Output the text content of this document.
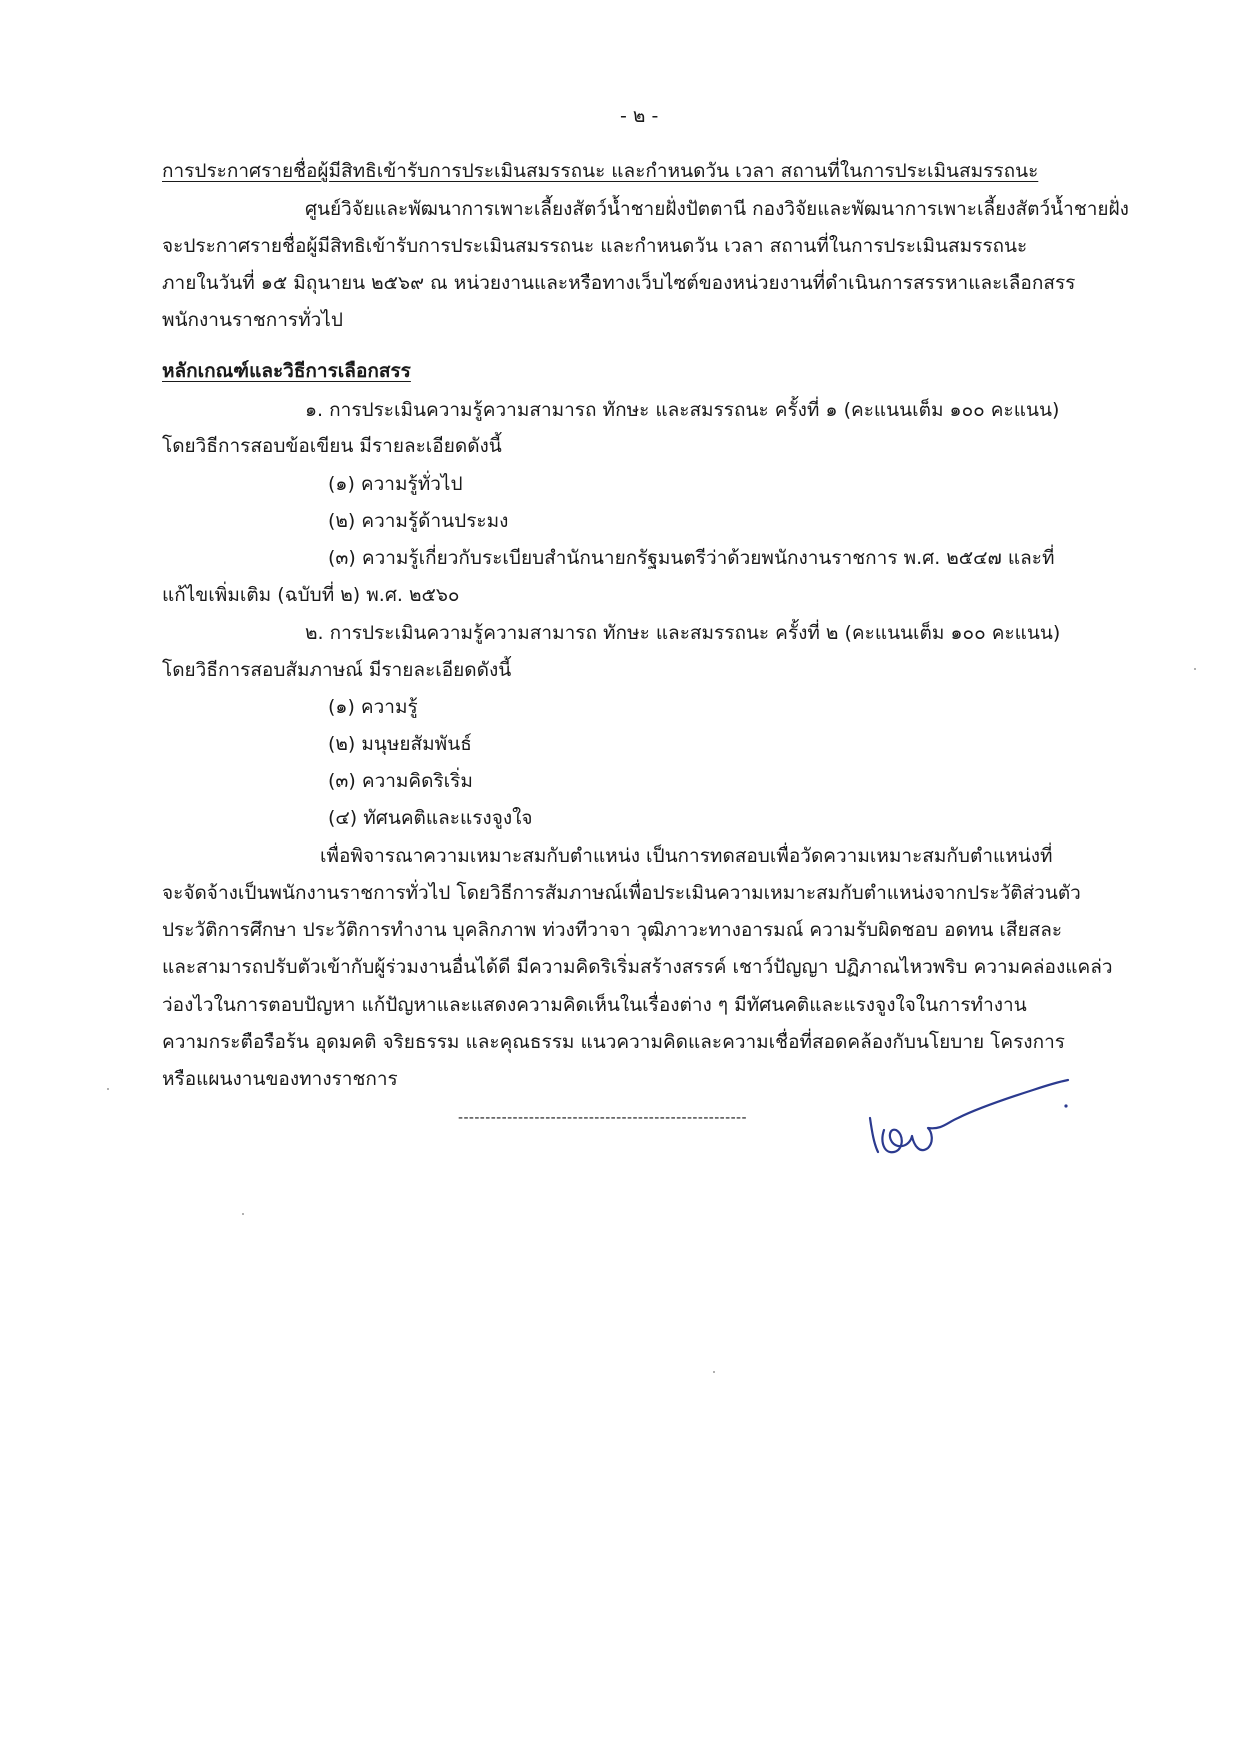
- ๒ -
การประกาศรายชื่อผู้มีสิทธิเข้ารับการประเมินสมรรถนะ และกำหนดวัน เวลา สถานที่ในการประเมินสมรรถนะ
ศูนย์วิจัยและพัฒนาการเพาะเลี้ยงสัตว์น้ำชายฝั่งปัตตานี กองวิจัยและพัฒนาการเพาะเลี้ยงสัตว์น้ำชายฝั่ง
จะประกาศรายชื่อผู้มีสิทธิเข้ารับการประเมินสมรรถนะ และกำหนดวัน เวลา สถานที่ในการประเมินสมรรถนะ
ภายในวันที่ ๑๕ มิถุนายน ๒๕๖๙ ณ หน่วยงานและหรือทางเว็บไซต์ของหน่วยงานที่ดำเนินการสรรหาและเลือกสรร
พนักงานราชการทั่วไป
หลักเกณฑ์และวิธีการเลือกสรร
๑. การประเมินความรู้ความสามารถ ทักษะ และสมรรถนะ ครั้งที่ ๑ (คะแนนเต็ม ๑๐๐ คะแนน)
โดยวิธีการสอบข้อเขียน มีรายละเอียดดังนี้
(๑) ความรู้ทั่วไป
(๒) ความรู้ด้านประมง
(๓) ความรู้เกี่ยวกับระเบียบสำนักนายกรัฐมนตรีว่าด้วยพนักงานราชการ พ.ศ. ๒๕๔๗ และที่
แก้ไขเพิ่มเติม (ฉบับที่ ๒) พ.ศ. ๒๕๖๐
๒. การประเมินความรู้ความสามารถ ทักษะ และสมรรถนะ ครั้งที่ ๒ (คะแนนเต็ม ๑๐๐ คะแนน)
โดยวิธีการสอบสัมภาษณ์ มีรายละเอียดดังนี้
(๑) ความรู้
(๒) มนุษยสัมพันธ์
(๓) ความคิดริเริ่ม
(๔) ทัศนคติและแรงจูงใจ
เพื่อพิจารณาความเหมาะสมกับตำแหน่ง เป็นการทดสอบเพื่อวัดความเหมาะสมกับตำแหน่งที่
จะจัดจ้างเป็นพนักงานราชการทั่วไป โดยวิธีการสัมภาษณ์เพื่อประเมินความเหมาะสมกับตำแหน่งจากประวัติส่วนตัว
ประวัติการศึกษา ประวัติการทำงาน บุคลิกภาพ ท่วงทีวาจา วุฒิภาวะทางอารมณ์ ความรับผิดชอบ อดทน เสียสละ
และสามารถปรับตัวเข้ากับผู้ร่วมงานอื่นได้ดี มีความคิดริเริ่มสร้างสรรค์ เชาว์ปัญญา ปฏิภาณไหวพริบ ความคล่องแคล่ว
ว่องไวในการตอบปัญหา แก้ปัญหาและแสดงความคิดเห็นในเรื่องต่าง ๆ มีทัศนคติและแรงจูงใจในการทำงาน
ความกระตือรือร้น อุดมคติ จริยธรรม และคุณธรรม แนวความคิดและความเชื่อที่สอดคล้องกับนโยบาย โครงการ
หรือแผนงานของทางราชการ
-----------------------------------------------------
